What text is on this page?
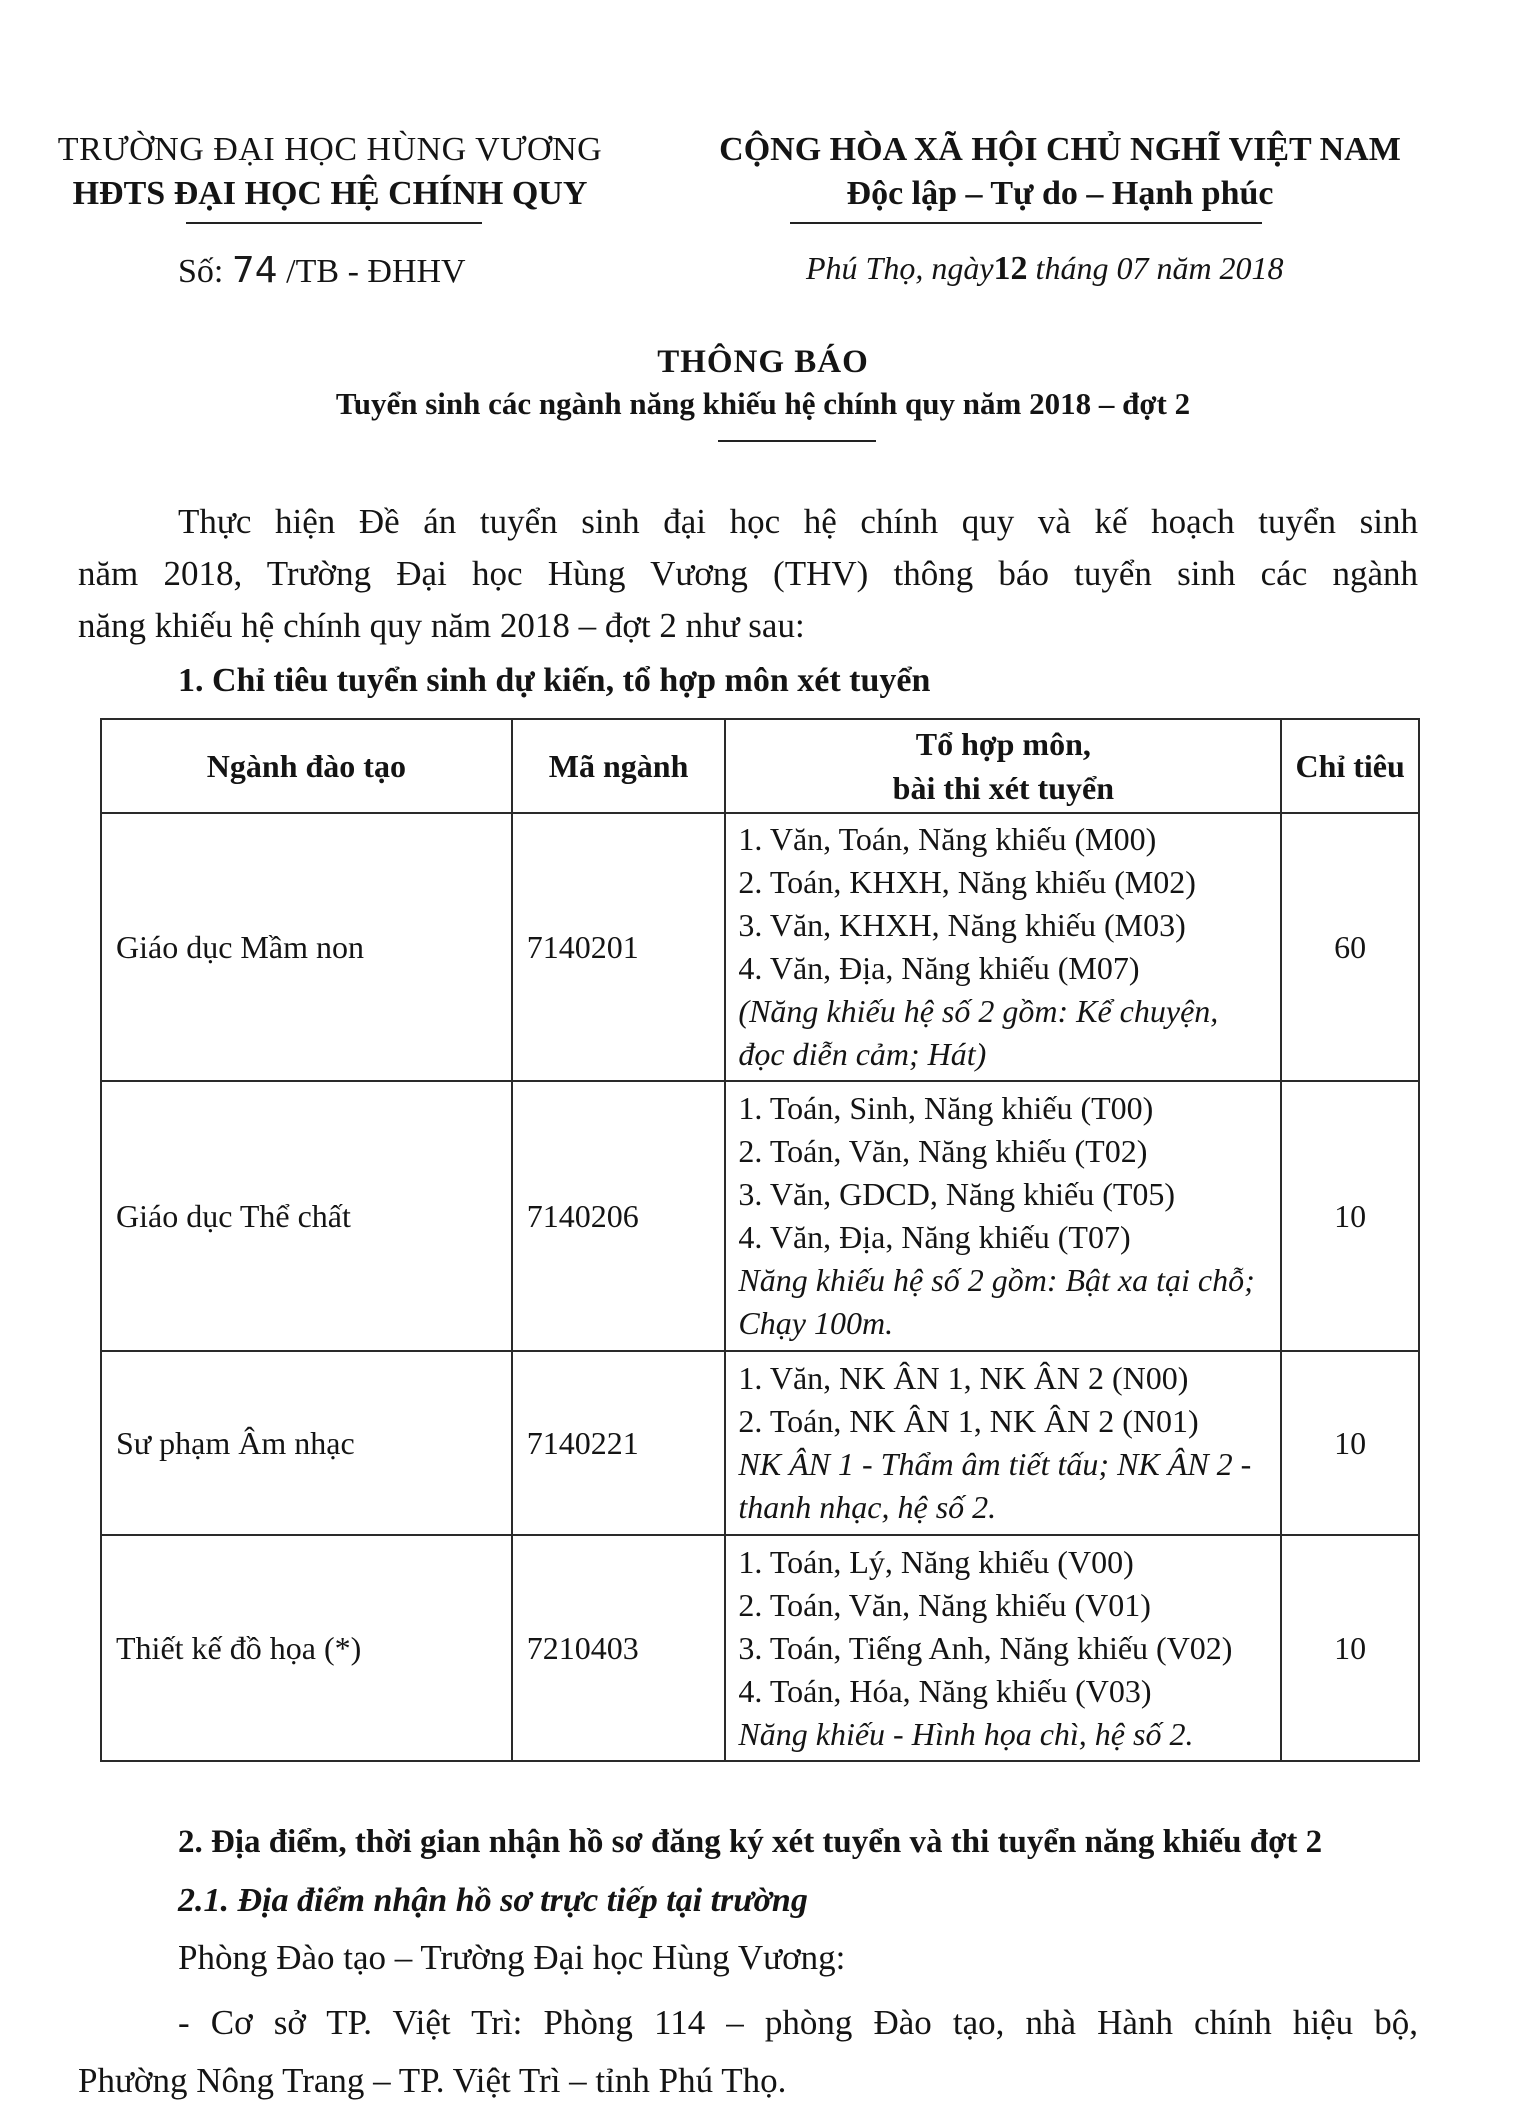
TRƯỜNG ĐẠI HỌC HÙNG VƯƠNG
HĐTS ĐẠI HỌC HỆ CHÍNH QUY
CỘNG HÒA XÃ HỘI CHỦ NGHĨ VIỆT NAM
Độc lập – Tự do – Hạnh phúc
Số: 74 /TB - ĐHHV	Phú Thọ, ngày12 tháng 07 năm 2018
THÔNG BÁO
Tuyển sinh các ngành năng khiếu hệ chính quy năm 2018 – đợt 2
Thực hiện Đề án tuyển sinh đại học hệ chính quy và kế hoạch tuyển sinh
năm 2018, Trường Đại học Hùng Vương (THV) thông báo tuyển sinh các ngành
năng khiếu hệ chính quy năm 2018 – đợt 2 như sau:
1. Chỉ tiêu tuyển sinh dự kiến, tổ hợp môn xét tuyển
Ngành đào tạo	Mã ngành	Tổ hợp môn,
bài thi xét tuyển	Chỉ tiêu
Giáo dục Mầm non	7140201	1. Văn, Toán, Năng khiếu (M00)
2. Toán, KHXH, Năng khiếu (M02)
3. Văn, KHXH, Năng khiếu (M03)
4. Văn, Địa, Năng khiếu (M07)
(Năng khiếu hệ số 2 gồm: Kể chuyện, đọc diễn cảm; Hát)	60
Giáo dục Thể chất	7140206	1. Toán, Sinh, Năng khiếu (T00)
2. Toán, Văn, Năng khiếu (T02)
3. Văn, GDCD, Năng khiếu (T05)
4. Văn, Địa, Năng khiếu (T07)
Năng khiếu hệ số 2 gồm: Bật xa tại chỗ; Chạy 100m.	10
Sư phạm Âm nhạc	7140221	1. Văn, NK ÂN 1, NK ÂN 2 (N00)
2. Toán, NK ÂN 1, NK ÂN 2 (N01)
NK ÂN 1 - Thẩm âm tiết tấu; NK ÂN 2 - thanh nhạc, hệ số 2.	10
Thiết kế đồ họa (*)	7210403	1. Toán, Lý, Năng khiếu (V00)
2. Toán, Văn, Năng khiếu (V01)
3. Toán, Tiếng Anh, Năng khiếu (V02)
4. Toán, Hóa, Năng khiếu (V03)
Năng khiếu - Hình họa chì, hệ số 2.	10
2. Địa điểm, thời gian nhận hồ sơ đăng ký xét tuyển và thi tuyển năng khiếu đợt 2
2.1. Địa điểm nhận hồ sơ trực tiếp tại trường
Phòng Đào tạo – Trường Đại học Hùng Vương:
- Cơ sở TP. Việt Trì: Phòng 114 – phòng Đào tạo, nhà Hành chính hiệu bộ,
Phường Nông Trang – TP. Việt Trì – tỉnh Phú Thọ.
